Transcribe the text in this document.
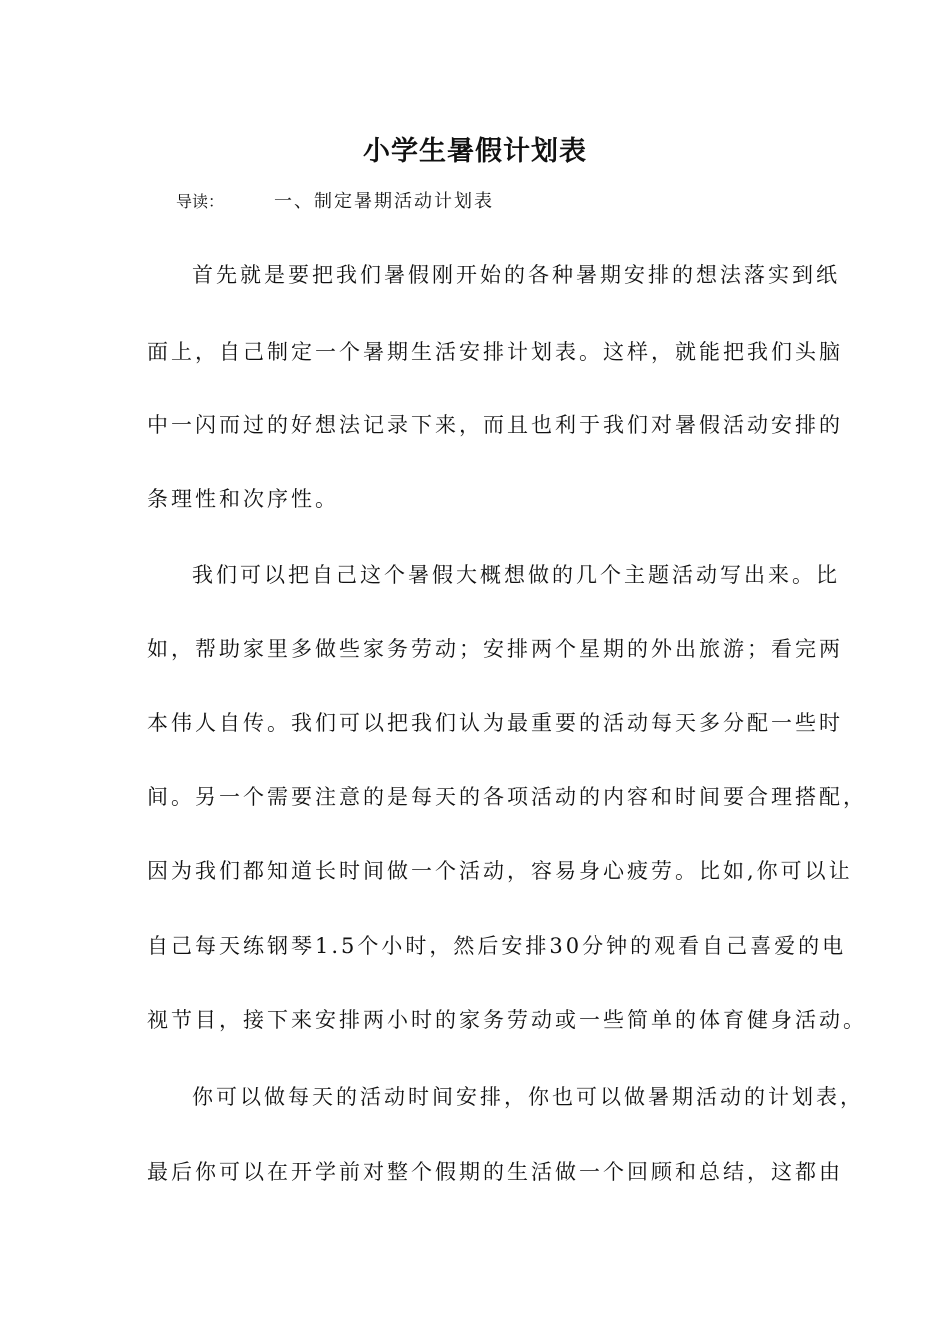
小学生暑假计划表
导读：	一、制定暑期活动计划表
首先就是要把我们暑假刚开始的各种暑期安排的想法落实到纸
面上，自己制定一个暑期生活安排计划表。这样，就能把我们头脑
中一闪而过的好想法记录下来，而且也利于我们对暑假活动安排的
条理性和次序性。
我们可以把自己这个暑假大概想做的几个主题活动写出来。比
如，帮助家里多做些家务劳动；安排两个星期的外出旅游；看完两
本伟人自传。我们可以把我们认为最重要的活动每天多分配一些时
间。另一个需要注意的是每天的各项活动的内容和时间要合理搭配，
因为我们都知道长时间做一个活动，容易身心疲劳。比如,你可以让
自己每天练钢琴1.5个小时，然后安排30分钟的观看自己喜爱的电
视节目，接下来安排两小时的家务劳动或一些简单的体育健身活动。
你可以做每天的活动时间安排，你也可以做暑期活动的计划表，
最后你可以在开学前对整个假期的生活做一个回顾和总结，这都由
